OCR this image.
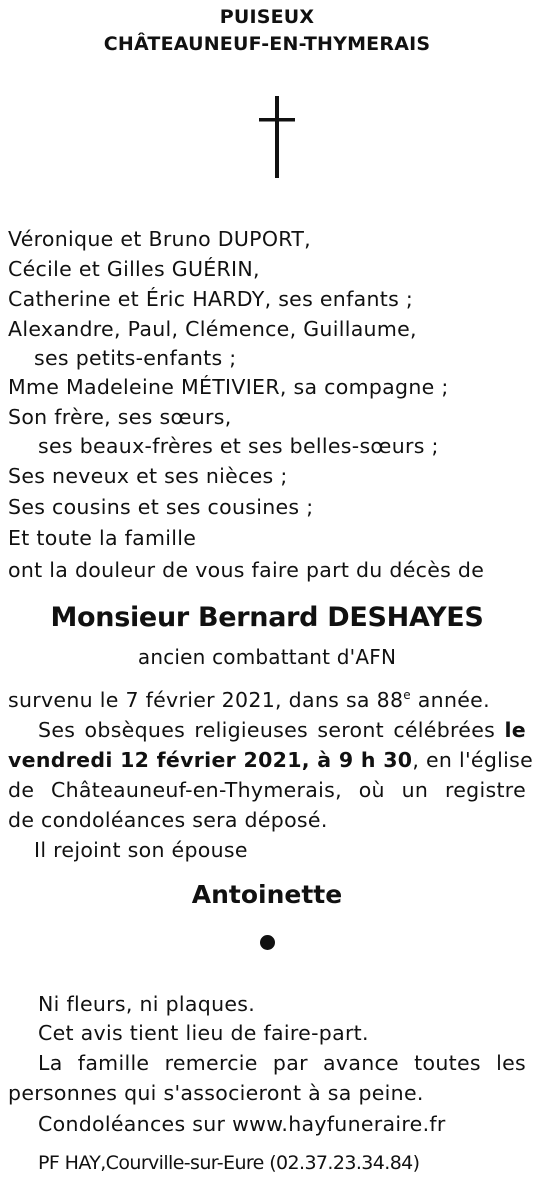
PUISEUX
CHÂTEAUNEUF-EN-THYMERAIS
Véronique et Bruno DUPORT,
Cécile et Gilles GUÉRIN,
Catherine et Éric HARDY, ses enfants ;
Alexandre, Paul, Clémence, Guillaume,
ses petits-enfants ;
Mme Madeleine MÉTIVIER, sa compagne ;
Son frère, ses sœurs,
ses beaux-frères et ses belles-sœurs ;
Ses neveux et ses nièces ;
Ses cousins et ses cousines ;
Et toute la famille
ont la douleur de vous faire part du décès de
Monsieur Bernard DESHAYES
ancien combattant d'AFN
survenu le 7 février 2021, dans sa 88e année.
Ses obsèques religieuses seront célébrées le
vendredi 12 février 2021, à 9 h 30, en l'église
de Châteauneuf-en-Thymerais, où un registre
de condoléances sera déposé.
Il rejoint son épouse
Antoinette
Ni fleurs, ni plaques.
Cet avis tient lieu de faire-part.
La famille remercie par avance toutes les
personnes qui s'associeront à sa peine.
Condoléances sur www.hayfuneraire.fr
PF HAY,Courville-sur-Eure (02.37.23.34.84)
